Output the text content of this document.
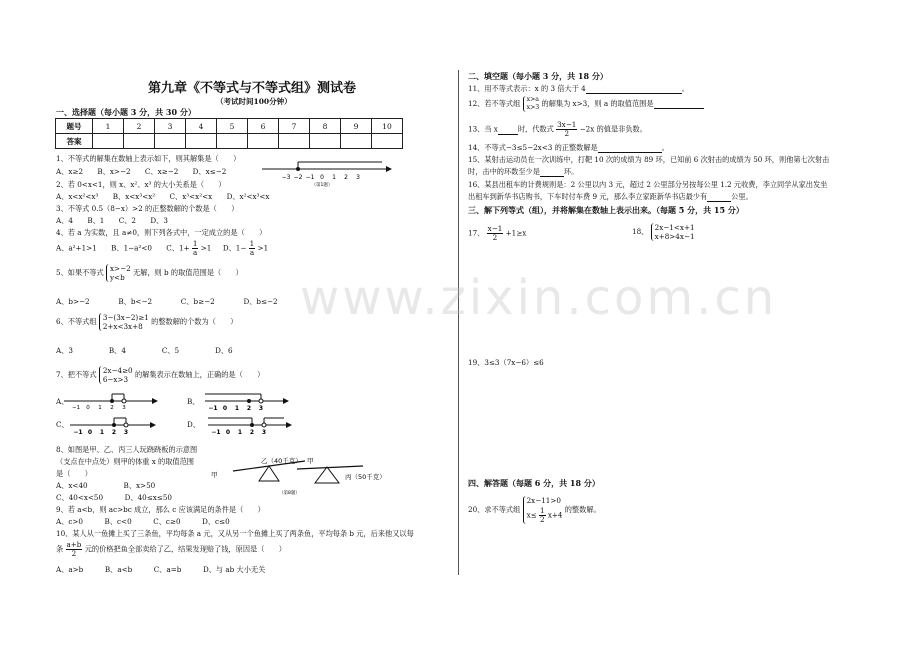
第九章《不等式与不等式组》测试卷
（考试时间100分钟）
一、选择题（每小题 3 分，共 30 分）
题号	1	2	3	4	5	6	7	8	9	10
答案										
1、不等式的解集在数轴上表示如下，则其解集是（　　）
A、x≥2　　B、x>−2　　C、x≥−2　　D、x≤−2
−3 −2 −1 0 1 2 3
（第1题）
2、若 0<x<1，则 x、x²、x³ 的大小关系是（　　）
A、x<x²<x³　　B、x<x³<x²　　C、x³<x²<x　　D、x²<x³<x
3、不等式 0.5（8−x）>2 的正整数解的个数是（　　）
A、4　　B、1　　C、2　　D、3
4、若 a 为实数，且 a≠0，则下列各式中，一定成立的是（　　）
A、a²+1>1　　B、1−a²<0　　C、$1+ \frac{1}{a} >1$ D、$1- \frac{1}{a} >1$
5、如果不等式 x>−2
y<b
无解，则 b 的取值范围是（　　）
A、b>−2　　　　B、b<−2　　　　C、b≥−2　　　　D、b≤−2
6、不等式组 3−(3x−2)≥1
2+x<3x+8
的整数解的个数为（　　）
A、3　　　　　B、4　　　　　C、5　　　　　D、6
7、把不等式 2x−4≥0
6−x>3
的解集表示在数轴上，正确的是（　　）
A、
−1 0 1 2 3
B、
−1 0 1 2 3
C、
−1 0 1 2 3
D、
−1 0 1 2 3
8、如图是甲、乙、丙三人玩跷跷板的示意图
（支点在中点处）则甲的体重 x 的取值范围
是（　　）
A、x<40　　　　　B、x>50
C、40<x<50　　　D、40≤x≤50
甲
乙（40千克） 甲
丙（50千克）
（第8题）
9、若 a<b，则 ac>bc 成立，那么 c 应该满足的条件是（　　）
A、c>0　　　B、c<0　　　C、c≥0　　　D、c≤0
10、某人从一鱼摊上买了三条鱼，平均每条 a 元，又从另一个鱼摊上买了两条鱼，平均每条 b 元，后来他又以每
条 $\frac{a+b}{2}$ 元的价格把鱼全部卖给了乙，结果发现赔了钱，原因是（　　）
A、a>b　　　B、a<b　　　C、a=b　　　D、与 ab 大小无关
二、填空题（每小题 3 分，共 18 分）
11、用不等式表示：x 的 3 倍大于 4	。
12、若不等式组 x>a
x>3 的解集为 x>3，则 a 的取值范围是
13、当 x	时，代数式 $\frac{3x-1}{2} -2x$ 的值是非负数。
14、不等式−3≤5−2x<3 的正整数解是	。
15、某射击运动员在一次训练中，打靶 10 次的成绩为 89 环，已知前 6 次射击的成绩为 50 环，则他第七次射击
时，击中的环数至少是	环。
16、某县出租车的计费规则是：2 公里以内 3 元，超过 2 公里部分另按每公里 1.2 元收费，李立同学从家出发坐
出租车到新华书店购书，下车时付车费 9 元，那么李立家距新华书店最少有	公里。
三、解下列等式（组），并将解集在数轴上表示出来。（每题 5 分，共 15 分）
17、 $\frac{x-1}{2} +1\ge x$	18、 2x−1<x+1
x+8>4x−1
19、3≤3（7x−6）≤6
四、解答题（每题 6 分，共 18 分）
20、求不等式组
2x−11>0
$x\le \frac{1}{2} x+4$
的整数解。
www.zixin.com.cn
